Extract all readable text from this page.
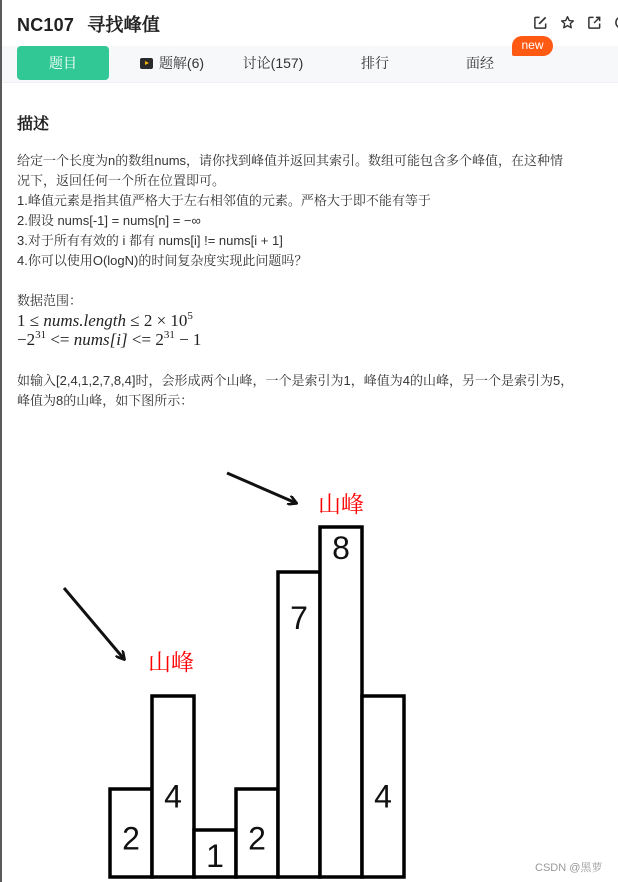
NC107 寻找峰值
题目	题解(6)	讨论(157)	排行	面经
new
描述

给定一个长度为n的数组nums，请你找到峰值并返回其索引。数组可能包含多个峰值，在这种情

况下，返回任何一个所在位置即可。

1.峰值元素是指其值严格大于左右相邻值的元素。严格大于即不能有等于

2.假设 nums[-1] = nums[n] = −∞

3.对于所有有效的 i 都有 nums[i] != nums[i + 1]

4.你可以使用O(logN)的时间复杂度实现此问题吗？

数据范围：

1 ≤ nums.length ≤ $2 \times 10^5$
$-2^{31}$ <= nums[i] <= $2^{31} - 1$

如输入[2,4,1,2,7,8,4]时，会形成两个山峰，一个是索引为1，峰值为4的山峰，另一个是索引为5，

峰值为8的山峰，如下图所示：

2
4
1 2
7
8
4
山峰
山峰
CSDN @黑萝
